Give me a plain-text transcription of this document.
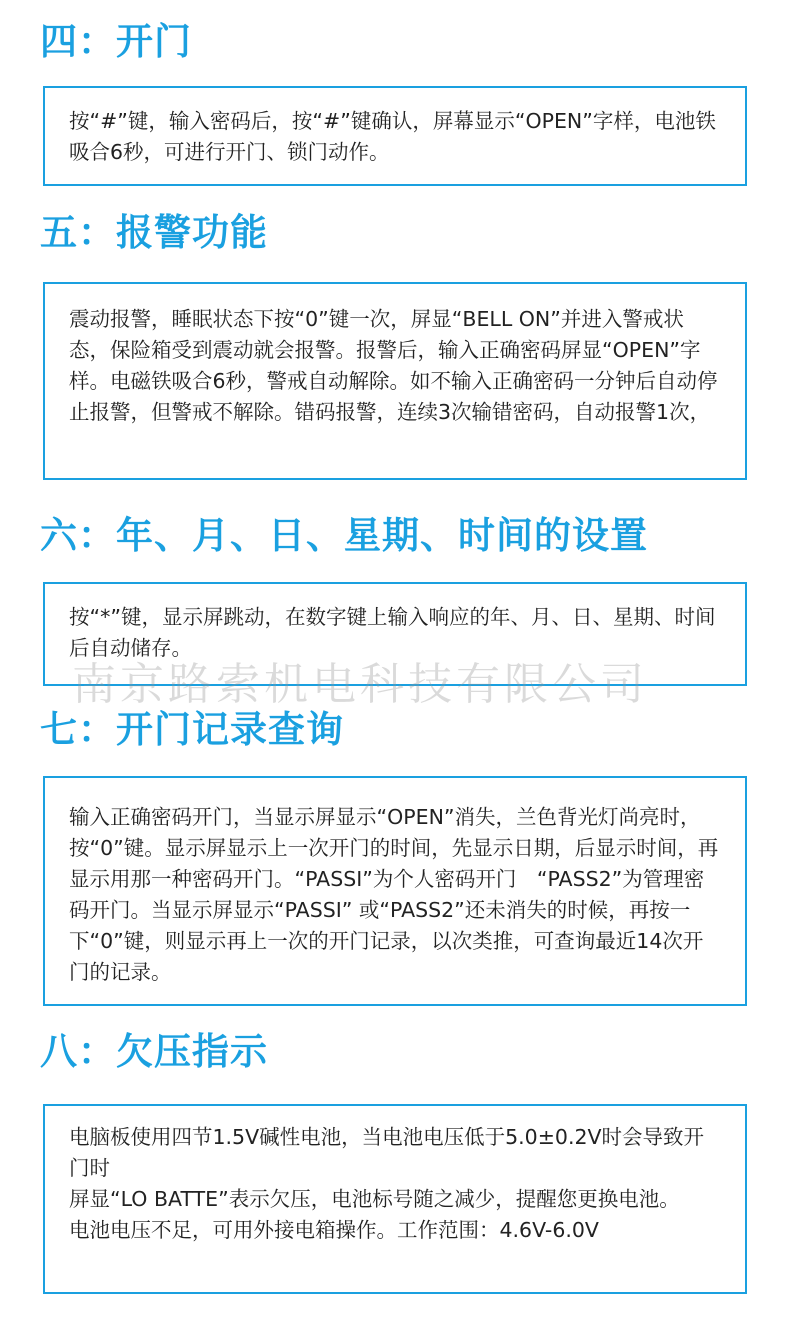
四：开门

按“#”键，输入密码后，按“#”键确认，屏幕显示“OPEN”字样，电池铁吸合6秒，可进行开门、锁门动作。

五：报警功能

震动报警，睡眠状态下按“0”键一次，屏显“BELL ON”并进入警戒状态，保险箱受到震动就会报警。报警后，输入正确密码屏显“OPEN”字样。电磁铁吸合6秒，警戒自动解除。如不输入正确密码一分钟后自动停止报警，但警戒不解除。错码报警，连续3次输错密码，自动报警1次，

六：年、月、日、星期、时间的设置

按“*”键，显示屏跳动，在数字键上输入响应的年、月、日、星期、时间后自动储存。

南京路索机电科技有限公司
七：开门记录查询

输入正确密码开门，当显示屏显示“OPEN”消失，兰色背光灯尚亮时，按“0”键。显示屏显示上一次开门的时间，先显示日期，后显示时间，再显示用那一种密码开门。“PASSI”为个人密码开门　“PASS2”为管理密码开门。当显示屏显示“PASSI” 或“PASS2”还未消失的时候，再按一下“0”键，则显示再上一次的开门记录，以次类推，可查询最近14次开门的记录。

八：欠压指示
电脑板使用四节1.5V碱性电池，当电池电压低于5.0±0.2V时会导致开门时
屏显“LO BATTE”表示欠压，电池标号随之减少，提醒您更换电池。
电池电压不足，可用外接电箱操作。工作范围：4.6V-6.0V
